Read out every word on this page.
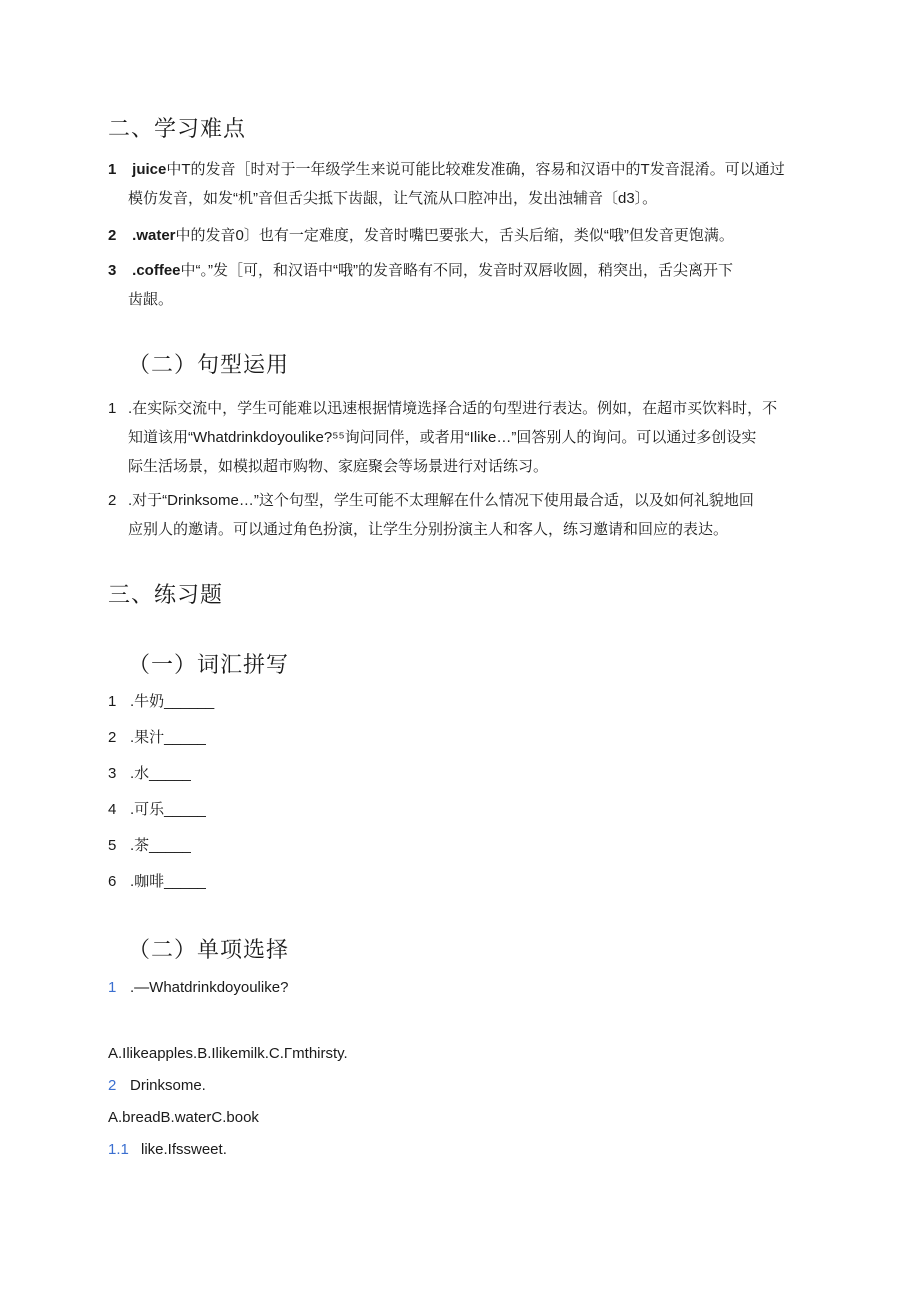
二、学习难点
1 juice中T的发音［时对于一年级学生来说可能比较难发准确，容易和汉语中的T发音混淆。可以通过
模仿发音，如发“机”音但舌尖抵下齿龈，让气流从口腔冲出，发出浊辅音〔d3〕。
2 .water中的发音0〕也有一定难度，发音时嘴巴要张大，舌头后缩，类似“哦”但发音更饱满。
3 .coffee中“。”发［可，和汉语中“哦”的发音略有不同，发音时双唇收圆，稍突出，舌尖离开下
齿龈。
（二）句型运用
1 .在实际交流中，学生可能难以迅速根据情境选择合适的句型进行表达。例如，在超市买饮料时，不
知道该用“Whatdrinkdoyoulike?⁵⁵询问同伴，或者用“Ilike…”回答别人的询问。可以通过多创设实
际生活场景，如模拟超市购物、家庭聚会等场景进行对话练习。
2 .对于“Drinksome…”这个句型，学生可能不太理解在什么情况下使用最合适，以及如何礼貌地回
应别人的邀请。可以通过角色扮演，让学生分别扮演主人和客人，练习邀请和回应的表达。
三、练习题
（一）词汇拼写
1 .牛奶______
2 .果汁_____
3 .水_____
4 .可乐_____
5 .茶_____
6 .咖啡_____
（二）单项选择
1 .—Whatdrinkdoyoulike?
A.Ilikeapples.B.Ilikemilk.C.Γmthirsty.
2 Drinksome.
A.breadB.waterC.book
1.1 like.Ifssweet.
